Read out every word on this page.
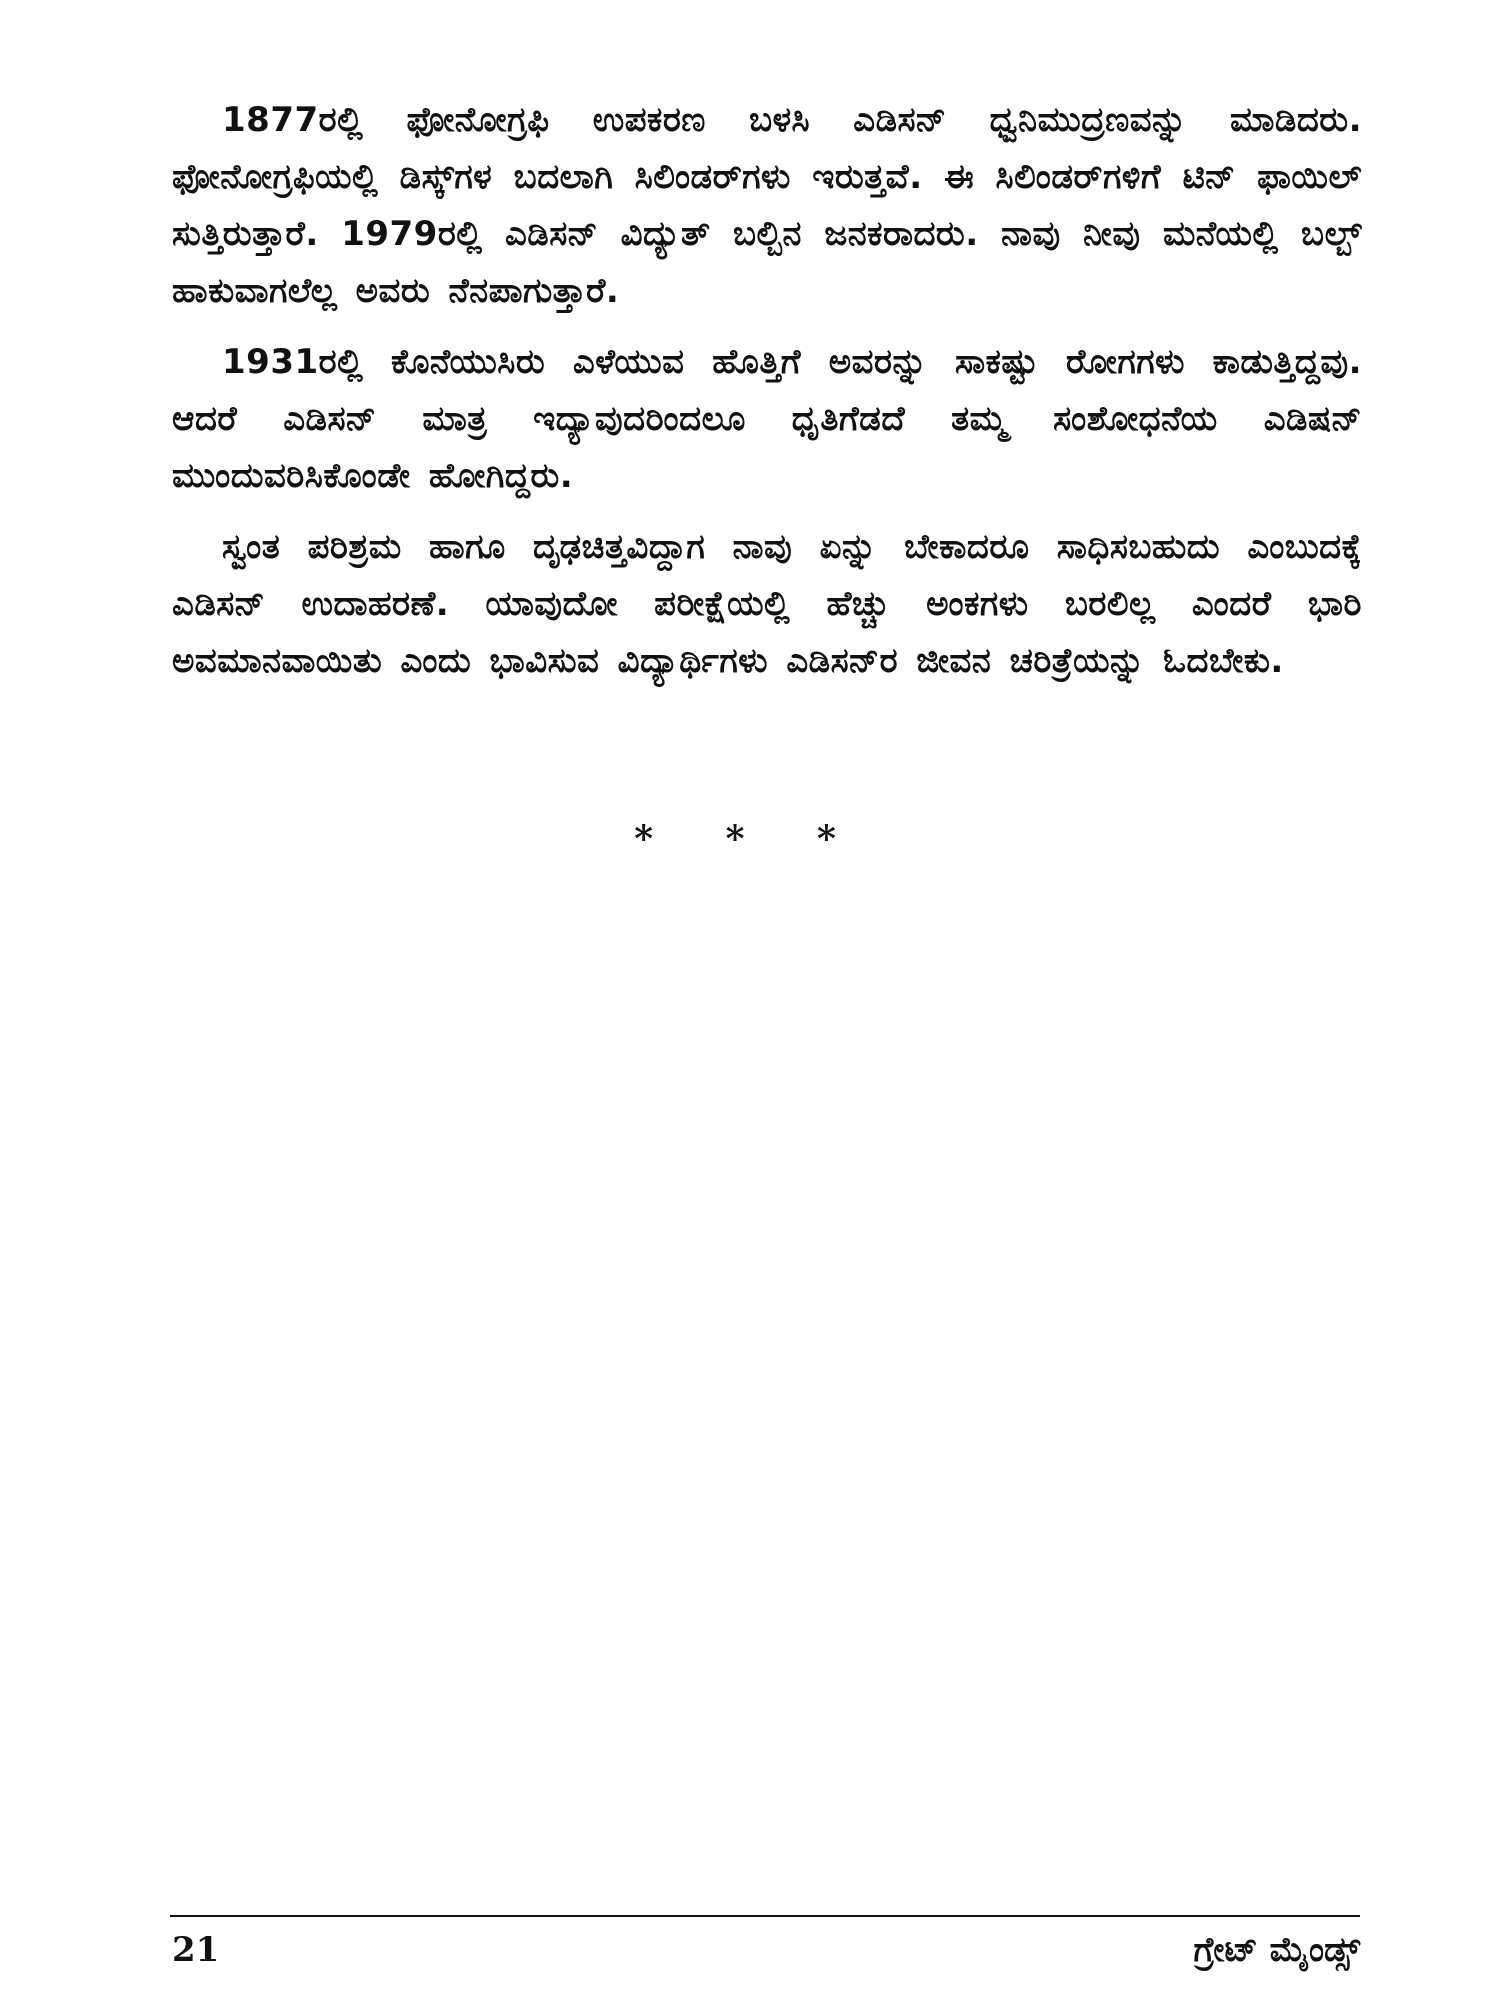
1877ರಲ್ಲಿ ಫೋನೋಗ್ರಫಿ ಉಪಕರಣ ಬಳಸಿ ಎಡಿಸನ್ ಧ್ವನಿಮುದ್ರಣವನ್ನು ಮಾಡಿದರು. ಫೋನೋಗ್ರಫಿಯಲ್ಲಿ ಡಿಸ್ಕ್‌ಗಳ ಬದಲಾಗಿ ಸಿಲಿಂಡರ್‌ಗಳು ಇರುತ್ತವೆ. ಈ ಸಿಲಿಂಡರ್‌ಗಳಿಗೆ ಟಿನ್ ಫಾಯಿಲ್ ಸುತ್ತಿರುತ್ತಾರೆ. 1979ರಲ್ಲಿ ಎಡಿಸನ್ ವಿದ್ಯುತ್ ಬಲ್ಬಿನ ಜನಕರಾದರು. ನಾವು ನೀವು ಮನೆಯಲ್ಲಿ ಬಲ್ಬ್ ಹಾಕುವಾಗಲೆಲ್ಲ ಅವರು ನೆನಪಾಗುತ್ತಾರೆ.

1931ರಲ್ಲಿ ಕೊನೆಯುಸಿರು ಎಳೆಯುವ ಹೊತ್ತಿಗೆ ಅವರನ್ನು ಸಾಕಷ್ಟು ರೋಗಗಳು ಕಾಡುತ್ತಿದ್ದವು. ಆದರೆ ಎಡಿಸನ್ ಮಾತ್ರ ಇದ್ಯಾವುದರಿಂದಲೂ ಧೃತಿಗೆಡದೆ ತಮ್ಮ ಸಂಶೋಧನೆಯ ಎಡಿಷನ್ ಮುಂದುವರಿಸಿಕೊಂಡೇ ಹೋಗಿದ್ದರು.

ಸ್ವಂತ ಪರಿಶ್ರಮ ಹಾಗೂ ದೃಢಚಿತ್ತವಿದ್ದಾಗ ನಾವು ಏನ್ನು ಬೇಕಾದರೂ ಸಾಧಿಸಬಹುದು ಎಂಬುದಕ್ಕೆ ಎಡಿಸನ್ ಉದಾಹರಣೆ. ಯಾವುದೋ ಪರೀಕ್ಷೆಯಲ್ಲಿ ಹೆಚ್ಚು ಅಂಕಗಳು ಬರಲಿಲ್ಲ ಎಂದರೆ ಭಾರಿ ಅವಮಾನವಾಯಿತು ಎಂದು ಭಾವಿಸುವ ವಿದ್ಯಾರ್ಥಿಗಳು ಎಡಿಸನ್‌ರ ಜೀವನ ಚರಿತ್ರೆಯನ್ನು ಓದಬೇಕು.

* * *
21	ಗ್ರೇಟ್ ಮೈಂಡ್ಸ್
